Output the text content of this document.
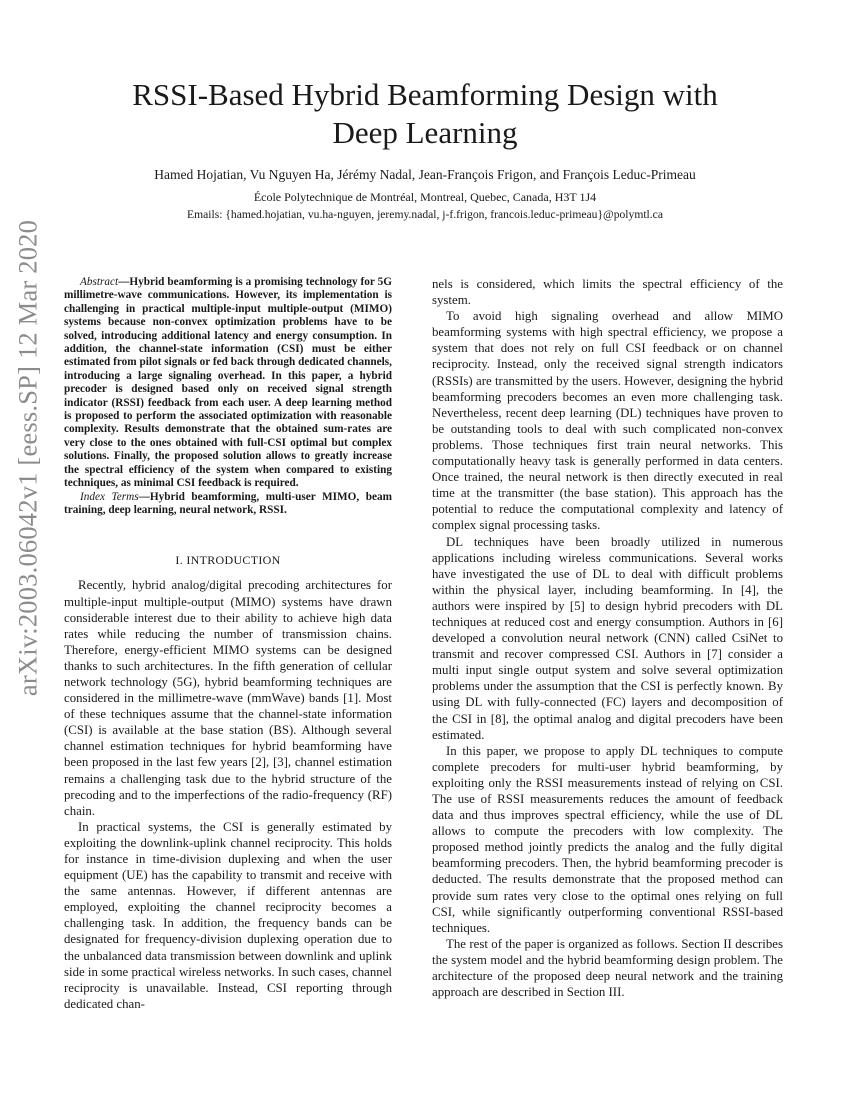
arXiv:2003.06042v1 [eess.SP] 12 Mar 2020
RSSI-Based Hybrid Beamforming Design with
Deep Learning
Hamed Hojatian, Vu Nguyen Ha, Jérémy Nadal, Jean-François Frigon, and François Leduc-Primeau
École Polytechnique de Montréal, Montreal, Quebec, Canada, H3T 1J4
Emails: {hamed.hojatian, vu.ha-nguyen, jeremy.nadal, j-f.frigon, francois.leduc-primeau}@polymtl.ca

Abstract—Hybrid beamforming is a promising technology for 5G millimetre-wave communications. However, its implementation is challenging in practical multiple-input multiple-output (MIMO) systems because non-convex optimization problems have to be solved, introducing additional latency and energy consumption. In addition, the channel-state information (CSI) must be either estimated from pilot signals or fed back through dedicated channels, introducing a large signaling overhead. In this paper, a hybrid precoder is designed based only on received signal strength indicator (RSSI) feedback from each user. A deep learning method is proposed to perform the associated optimization with reasonable complexity. Results demonstrate that the obtained sum-rates are very close to the ones obtained with full-CSI optimal but complex solutions. Finally, the proposed solution allows to greatly increase the spectral efficiency of the system when compared to existing techniques, as minimal CSI feedback is required.

Index Terms—Hybrid beamforming, multi-user MIMO, beam training, deep learning, neural network, RSSI.

I. INTRODUCTION

Recently, hybrid analog/digital precoding architectures for multiple-input multiple-output (MIMO) systems have drawn considerable interest due to their ability to achieve high data rates while reducing the number of transmission chains. Therefore, energy-efficient MIMO systems can be designed thanks to such architectures. In the fifth generation of cellular network technology (5G), hybrid beamforming techniques are considered in the millimetre-wave (mmWave) bands [1]. Most of these techniques assume that the channel-state information (CSI) is available at the base station (BS). Although several channel estimation techniques for hybrid beamforming have been proposed in the last few years [2], [3], channel estimation remains a challenging task due to the hybrid structure of the precoding and to the imperfections of the radio-frequency (RF) chain.

In practical systems, the CSI is generally estimated by exploiting the downlink-uplink channel reciprocity. This holds for instance in time-division duplexing and when the user equipment (UE) has the capability to transmit and receive with the same antennas. However, if different antennas are employed, exploiting the channel reciprocity becomes a challenging task. In addition, the frequency bands can be designated for frequency-division duplexing operation due to the unbalanced data transmission between downlink and uplink side in some practical wireless networks. In such cases, channel reciprocity is unavailable. Instead, CSI reporting through dedicated chan-

nels is considered, which limits the spectral efficiency of the system.

To avoid high signaling overhead and allow MIMO beamforming systems with high spectral efficiency, we propose a system that does not rely on full CSI feedback or on channel reciprocity. Instead, only the received signal strength indicators (RSSIs) are transmitted by the users. However, designing the hybrid beamforming precoders becomes an even more challenging task. Nevertheless, recent deep learning (DL) techniques have proven to be outstanding tools to deal with such complicated non-convex problems. Those techniques first train neural networks. This computationally heavy task is generally performed in data centers. Once trained, the neural network is then directly executed in real time at the transmitter (the base station). This approach has the potential to reduce the computational complexity and latency of complex signal processing tasks.

DL techniques have been broadly utilized in numerous applications including wireless communications. Several works have investigated the use of DL to deal with difficult problems within the physical layer, including beamforming. In [4], the authors were inspired by [5] to design hybrid precoders with DL techniques at reduced cost and energy consumption. Authors in [6] developed a convolution neural network (CNN) called CsiNet to transmit and recover compressed CSI. Authors in [7] consider a multi input single output system and solve several optimization problems under the assumption that the CSI is perfectly known. By using DL with fully-connected (FC) layers and decomposition of the CSI in [8], the optimal analog and digital precoders have been estimated.

In this paper, we propose to apply DL techniques to compute complete precoders for multi-user hybrid beamforming, by exploiting only the RSSI measurements instead of relying on CSI. The use of RSSI measurements reduces the amount of feedback data and thus improves spectral efficiency, while the use of DL allows to compute the precoders with low complexity. The proposed method jointly predicts the analog and the fully digital beamforming precoders. Then, the hybrid beamforming precoder is deducted. The results demonstrate that the proposed method can provide sum rates very close to the optimal ones relying on full CSI, while significantly outperforming conventional RSSI-based techniques.

The rest of the paper is organized as follows. Section II describes the system model and the hybrid beamforming design problem. The architecture of the proposed deep neural network and the training approach are described in Section III.
